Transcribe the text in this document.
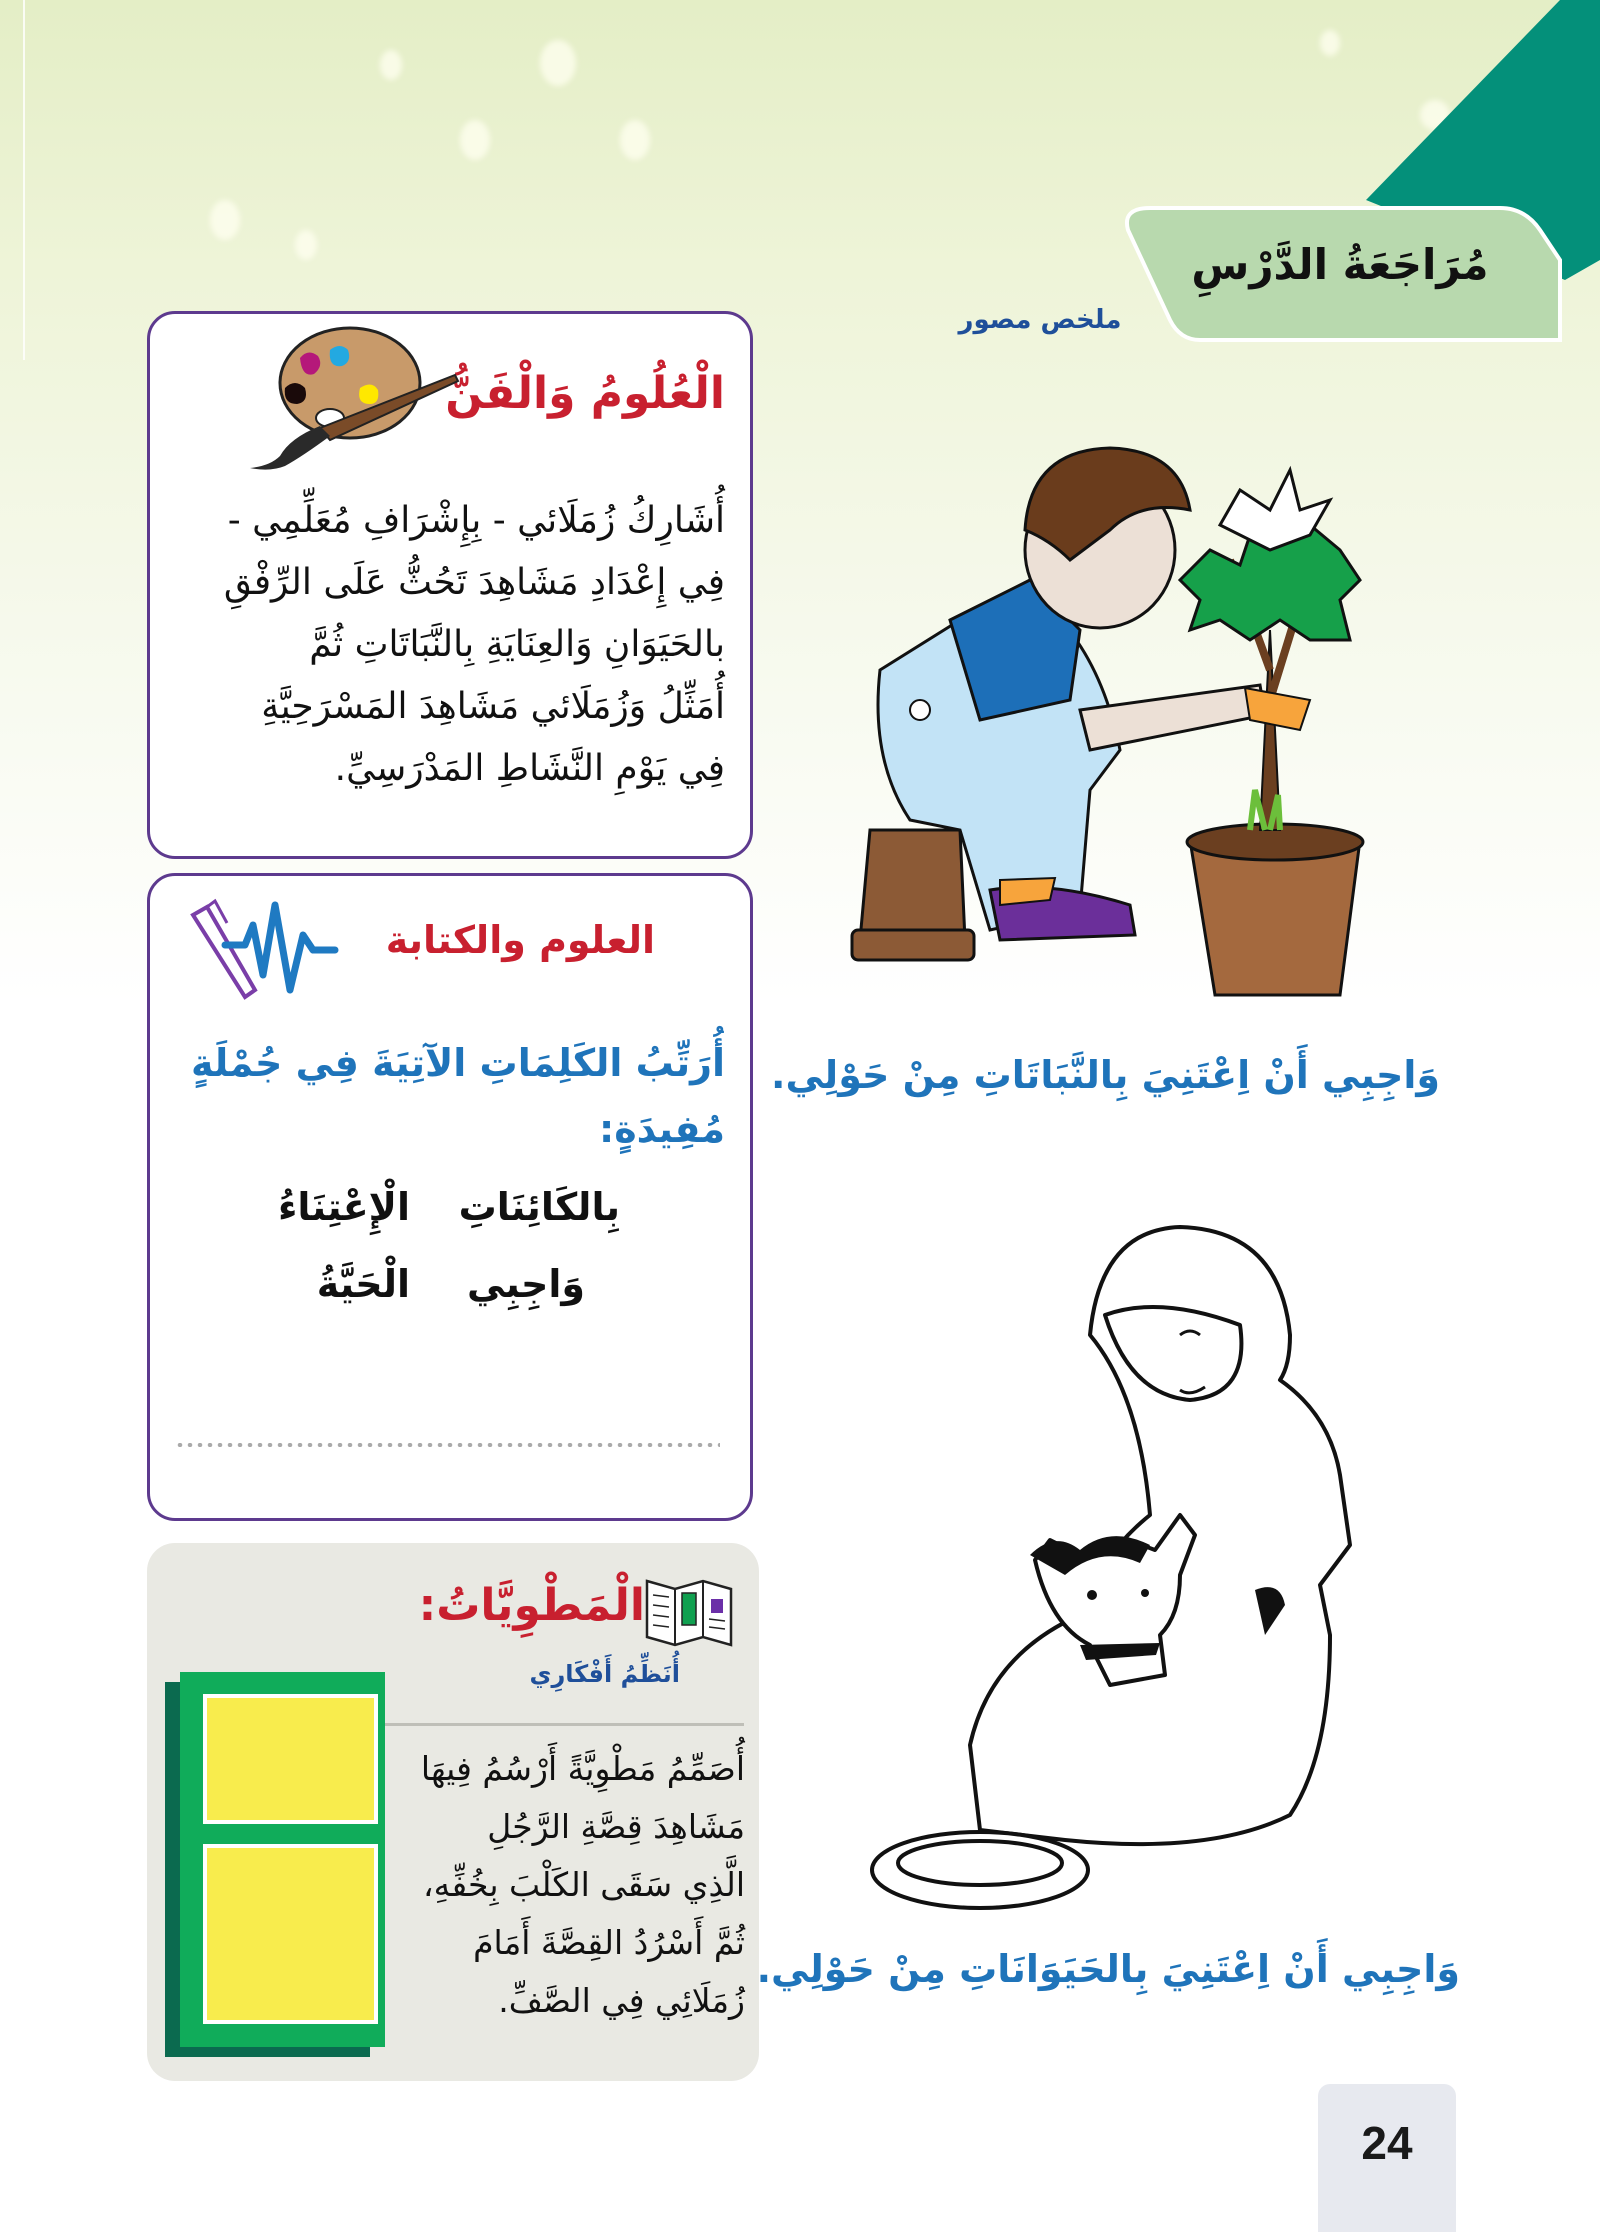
مُرَاجَعَةُ الدَّرْسِ
ملخص مصور
الْعُلُومُ وَالْفَنُّ
أُشَارِكُ زُمَلَائي - بِإِشْرَافِ مُعَلِّمِي -
فِي إِعْدَادِ مَشَاهِدَ تَحُثُّ عَلَى الرِّفْقِ
بالحَيَوَانِ وَالعِنَايَةِ بِالنَّبَاتَاتِ ثُمَّ
أُمَثِّلُ وَزُمَلَائي مَشَاهِدَ المَسْرَحِيَّةِ
فِي يَوْمِ النَّشَاطِ المَدْرَسِيِّ.
العلوم والكتابة
أُرَتِّبُ الكَلِمَاتِ الآتِيَةَ فِي جُمْلَةٍ
مُفِيدَةٍ:
بِالكَائِنَاتِ
الْإِعْتِنَاءُ
وَاجِبِي
الْحَيَّةُ
الْمَطْوِيَّاتُ:
أُنَظِّمُ أَفْكَارِي
أُصَمِّمُ مَطْوِيَّةً أَرْسُمُ فِيهَا
مَشَاهِدَ قِصَّةِ الرَّجُلِ
الَّذِي سَقَى الكَلْبَ بِخُفِّهِ،
ثُمَّ أَسْرُدُ القِصَّةَ أَمَامَ
زُمَلَائِي فِي الصَّفِّ.
وَاجِبِي أَنْ اِعْتَنِيَ بِالنَّبَاتَاتِ مِنْ حَوْلِي.
وَاجِبِي أَنْ اِعْتَنِيَ بِالحَيَوَانَاتِ مِنْ حَوْلِي.
24
